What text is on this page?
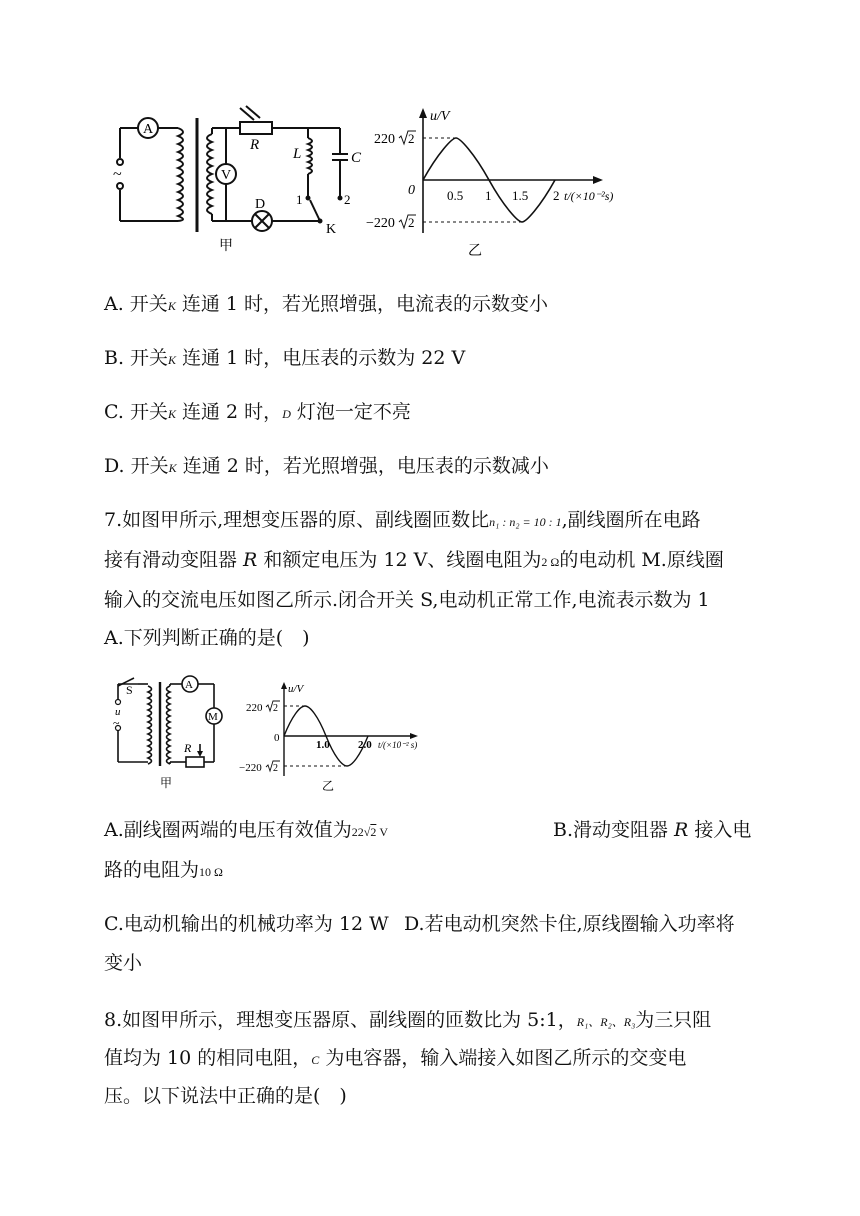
A
~	V
R
L	C
D
K
1	2
甲
u/V
220 2
−220 2
0 0.5 1 1.5 2 t/(×10⁻²s)
乙
A. 开关K 连通 1 时，若光照增强，电流表的示数变小
B. 开关K 连通 1 时，电压表的示数为 22 V
C. 开关K 连通 2 时，D 灯泡一定不亮
D. 开关K 连通 2 时，若光照增强，电压表的示数减小
7.如图甲所示,理想变压器的原、副线圈匝数比n₁ : n₂ = 10 : 1,副线圈所在电路
接有滑动变阻器 R 和额定电压为 12 V、线圈电阻为2 Ω的电动机 M.原线圈
输入的交流电压如图乙所示.闭合开关 S,电动机正常工作,电流表示数为 1
A.下列判断正确的是(　)
S	A
M
R
u
~
甲
u/V
220 2
−220 2
0
1.0	2.0 t/(×10⁻² s)
乙
A.副线圈两端的电压有效值为22√2 V	B.滑动变阻器 R 接入电
路的电阻为10 Ω
C.电动机输出的机械功率为 12 W D.若电动机突然卡住,原线圈输入功率将
变小
8.如图甲所示，理想变压器原、副线圈的匝数比为 5:1，R₁、R₂、R₃为三只阻
值均为 10 的相同电阻，C 为电容器，输入端接入如图乙所示的交变电
压。以下说法中正确的是(　)
